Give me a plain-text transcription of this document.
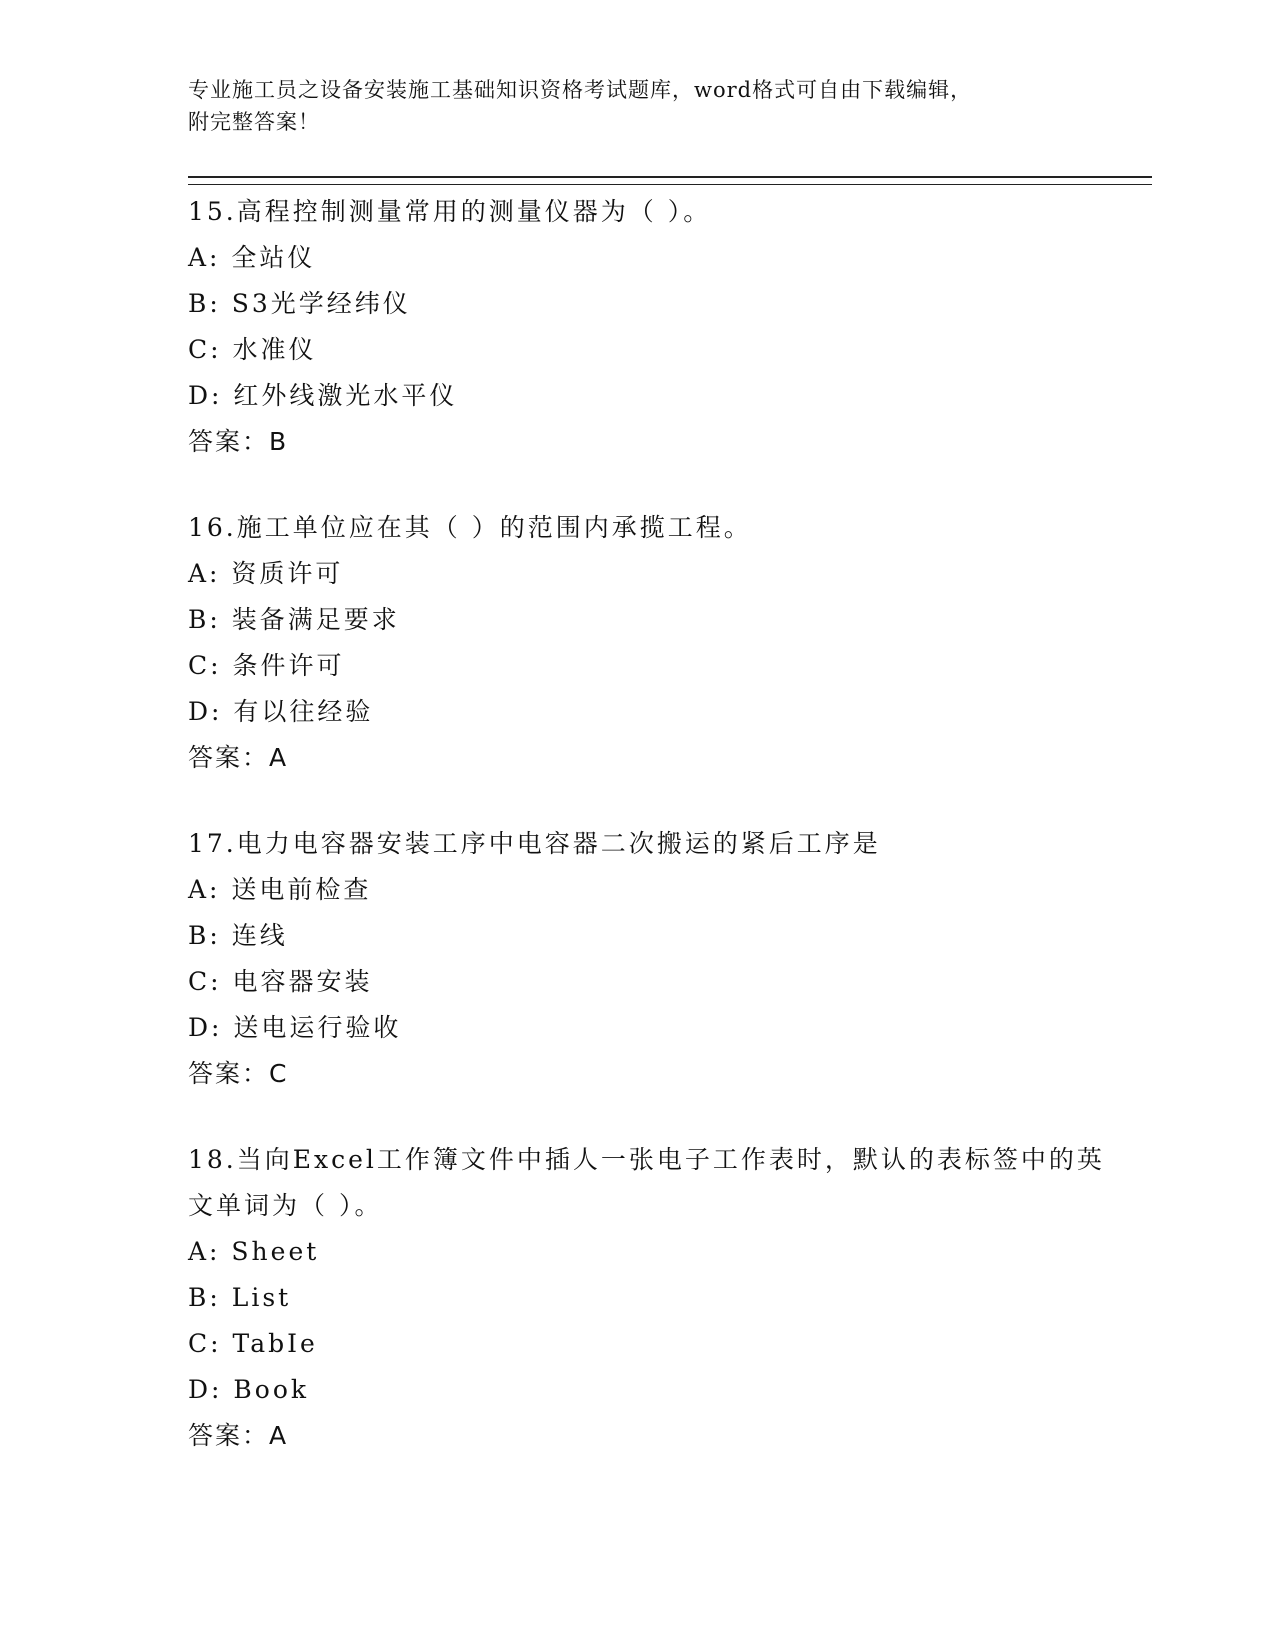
专业施工员之设备安装施工基础知识资格考试题库，word格式可自由下载编辑，
附完整答案！
15.高程控制测量常用的测量仪器为（ ）。
A: 全站仪
B: S3光学经纬仪
C: 水准仪
D: 红外线激光水平仪
答案：B
16.施工单位应在其（ ）的范围内承揽工程。
A: 资质许可
B: 装备满足要求
C: 条件许可
D: 有以往经验
答案：A
17.电力电容器安装工序中电容器二次搬运的紧后工序是
A: 送电前检查
B: 连线
C: 电容器安装
D: 送电运行验收
答案：C
18.当向Excel工作簿文件中插人一张电子工作表时，默认的表标签中的英文单词为（ ）。
A: Sheet
B: List
C: TabIe
D: Book
答案：A
